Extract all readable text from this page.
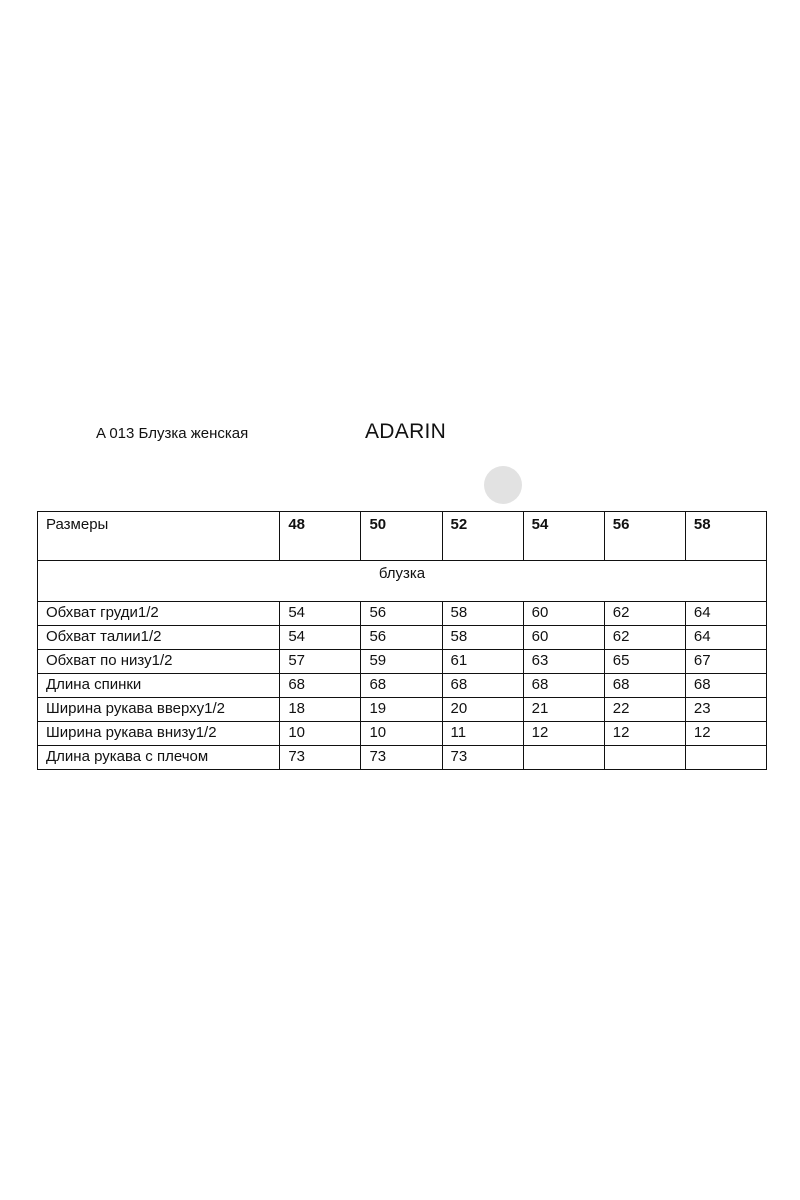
A 013 Блузка женская	ADARIN
Размеры	48	50	52	54	56	58
блузка						
Обхват груди1/2	54	56	58	60	62	64
Обхват талии1/2	54	56	58	60	62	64
Обхват по низу1/2	57	59	61	63	65	67
Длина спинки	68	68	68	68	68	68
Ширина рукава вверху1/2	18	19	20	21	22	23
Ширина рукава внизу1/2	10	10	11	12	12	12
Длина рукава с плечом	73	73	73			
